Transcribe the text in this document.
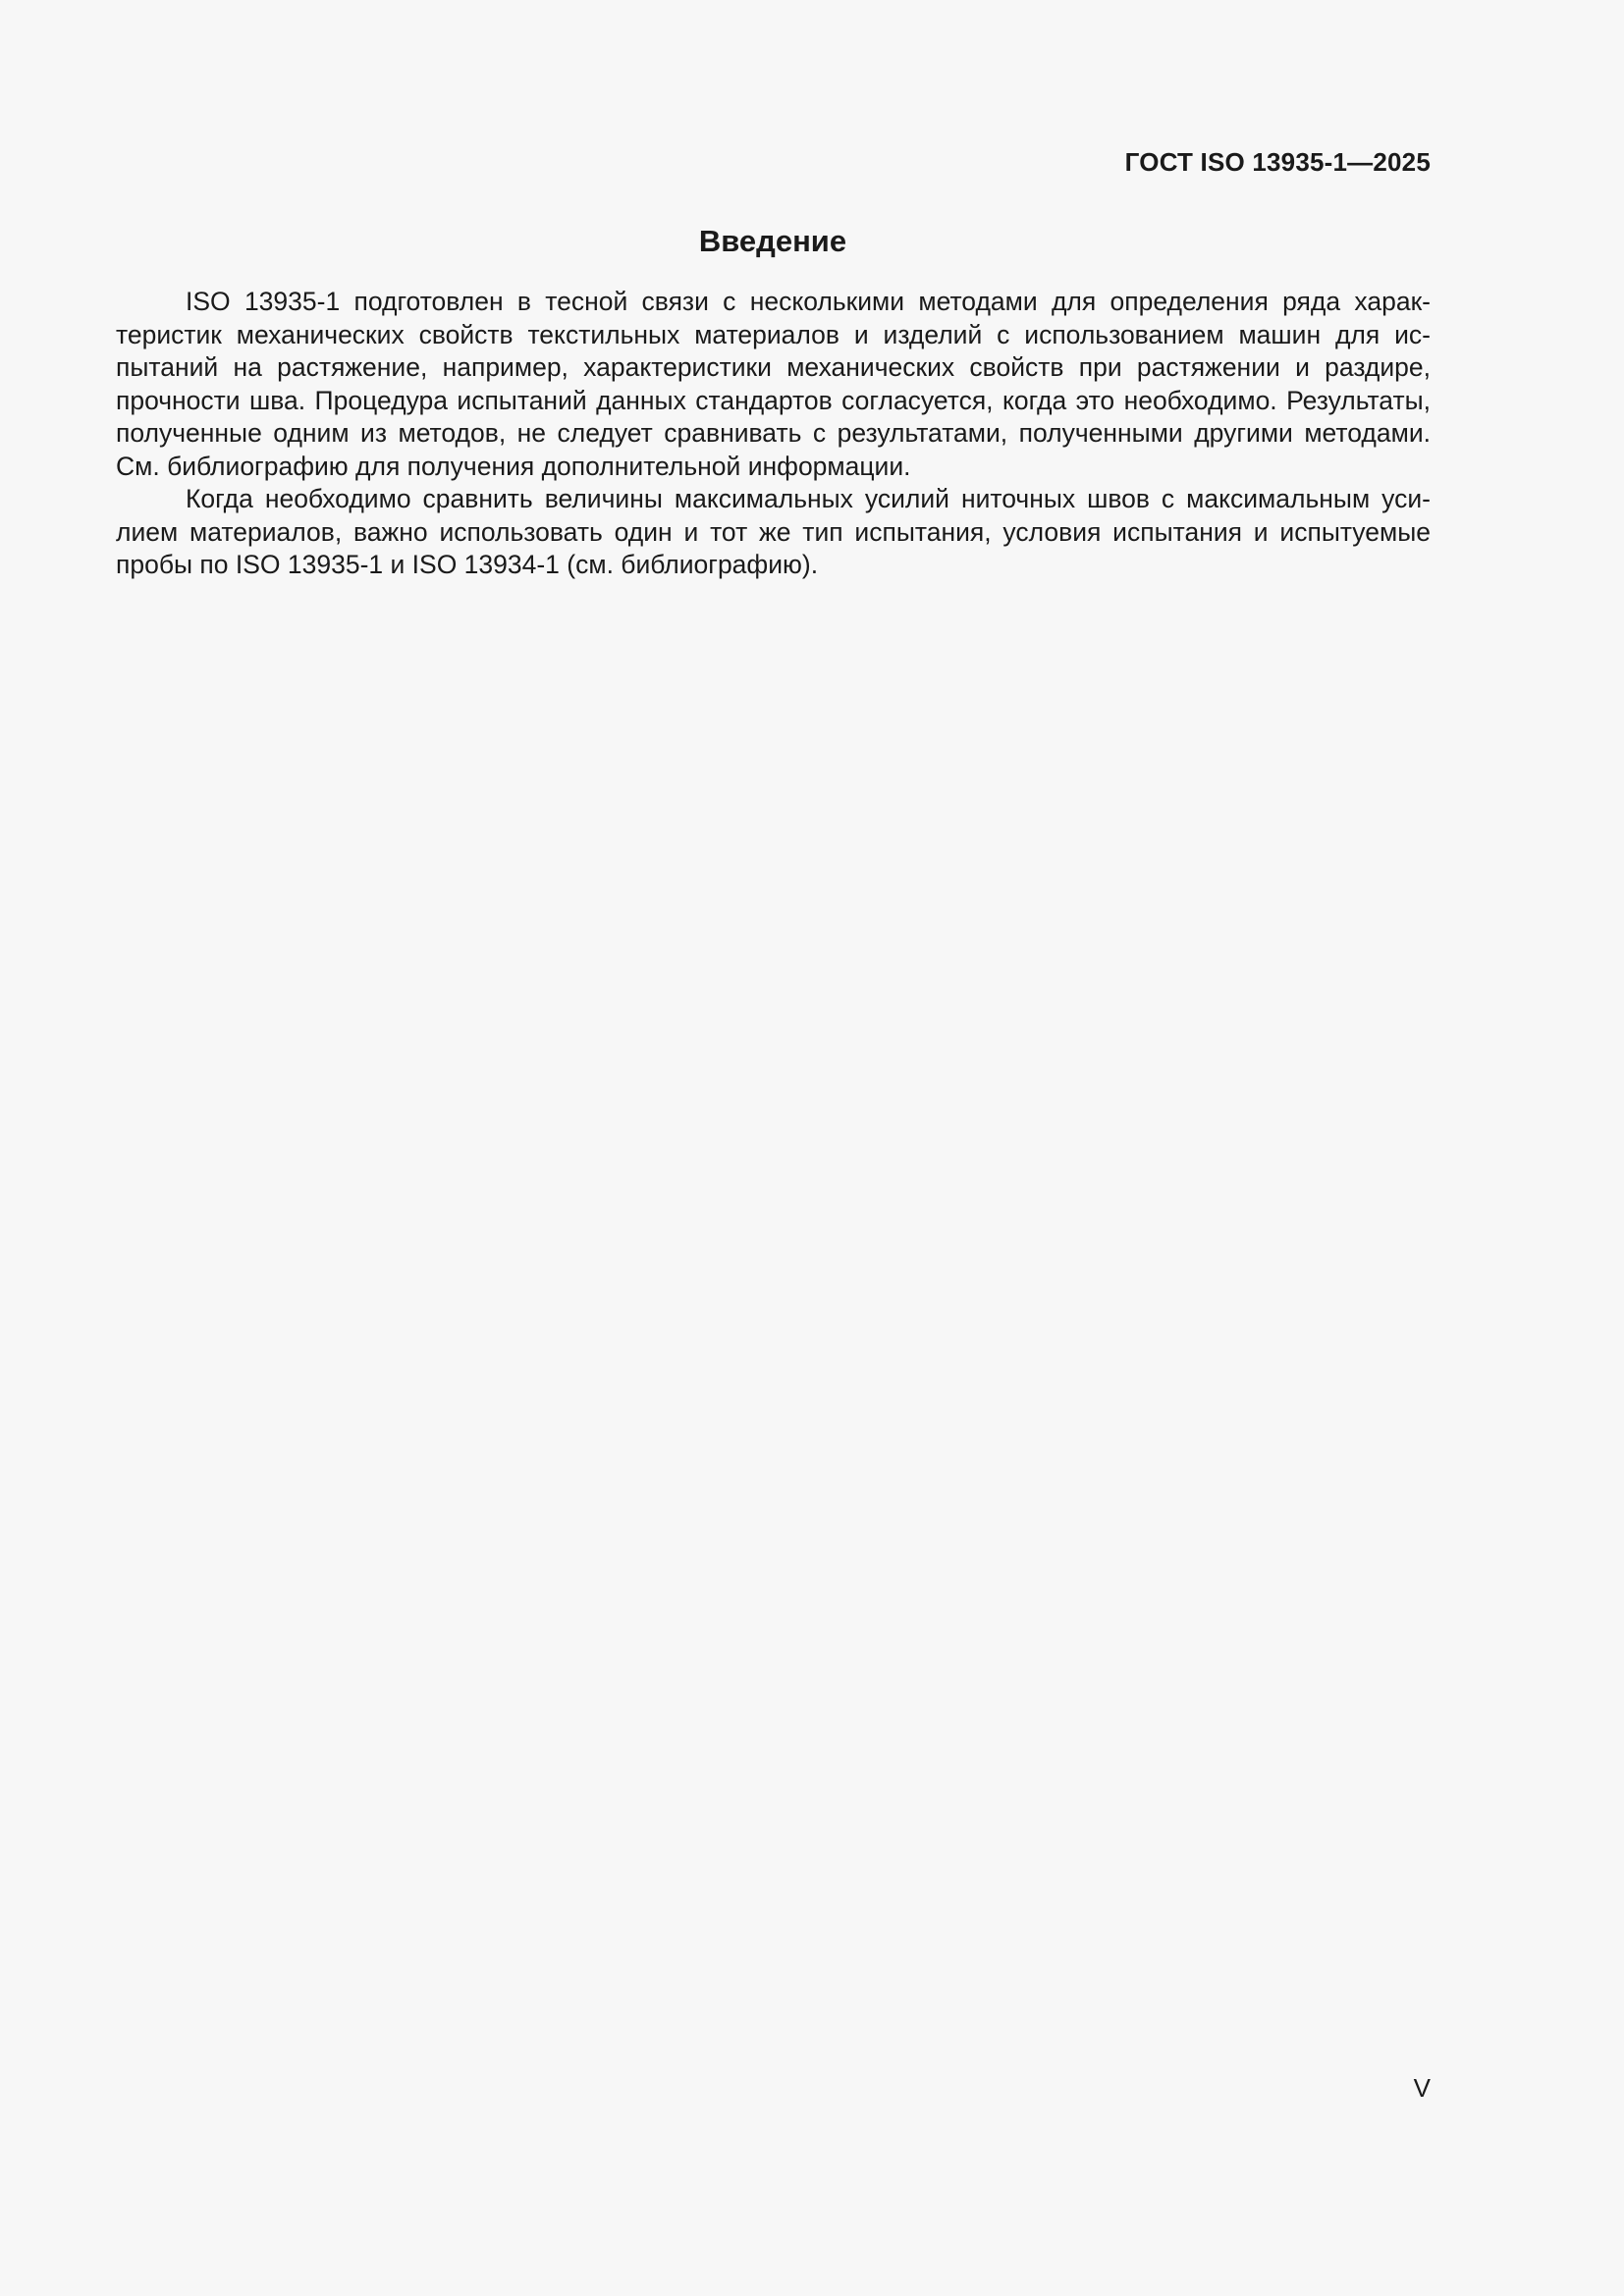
ГОСТ ISO 13935-1—2025
Введение

ISO 13935-1 подготовлен в тесной связи с несколькими методами для определения ряда характеристик механических свойств текстильных материалов и изделий с использованием машин для испытаний на растяжение, например, характеристики механических свойств при растяжении и раздире, прочности шва. Процедура испытаний данных стандартов согласуется, когда это необходимо. Результаты, полученные одним из методов, не следует сравнивать с результатами, полученными другими методами. См. библиографию для получения дополнительной информации.

Когда необходимо сравнить величины максимальных усилий ниточных швов с максимальным усилием материалов, важно использовать один и тот же тип испытания, условия испытания и испытуемые пробы по ISO 13935-1 и ISO 13934-1 (см. библиографию).

V
